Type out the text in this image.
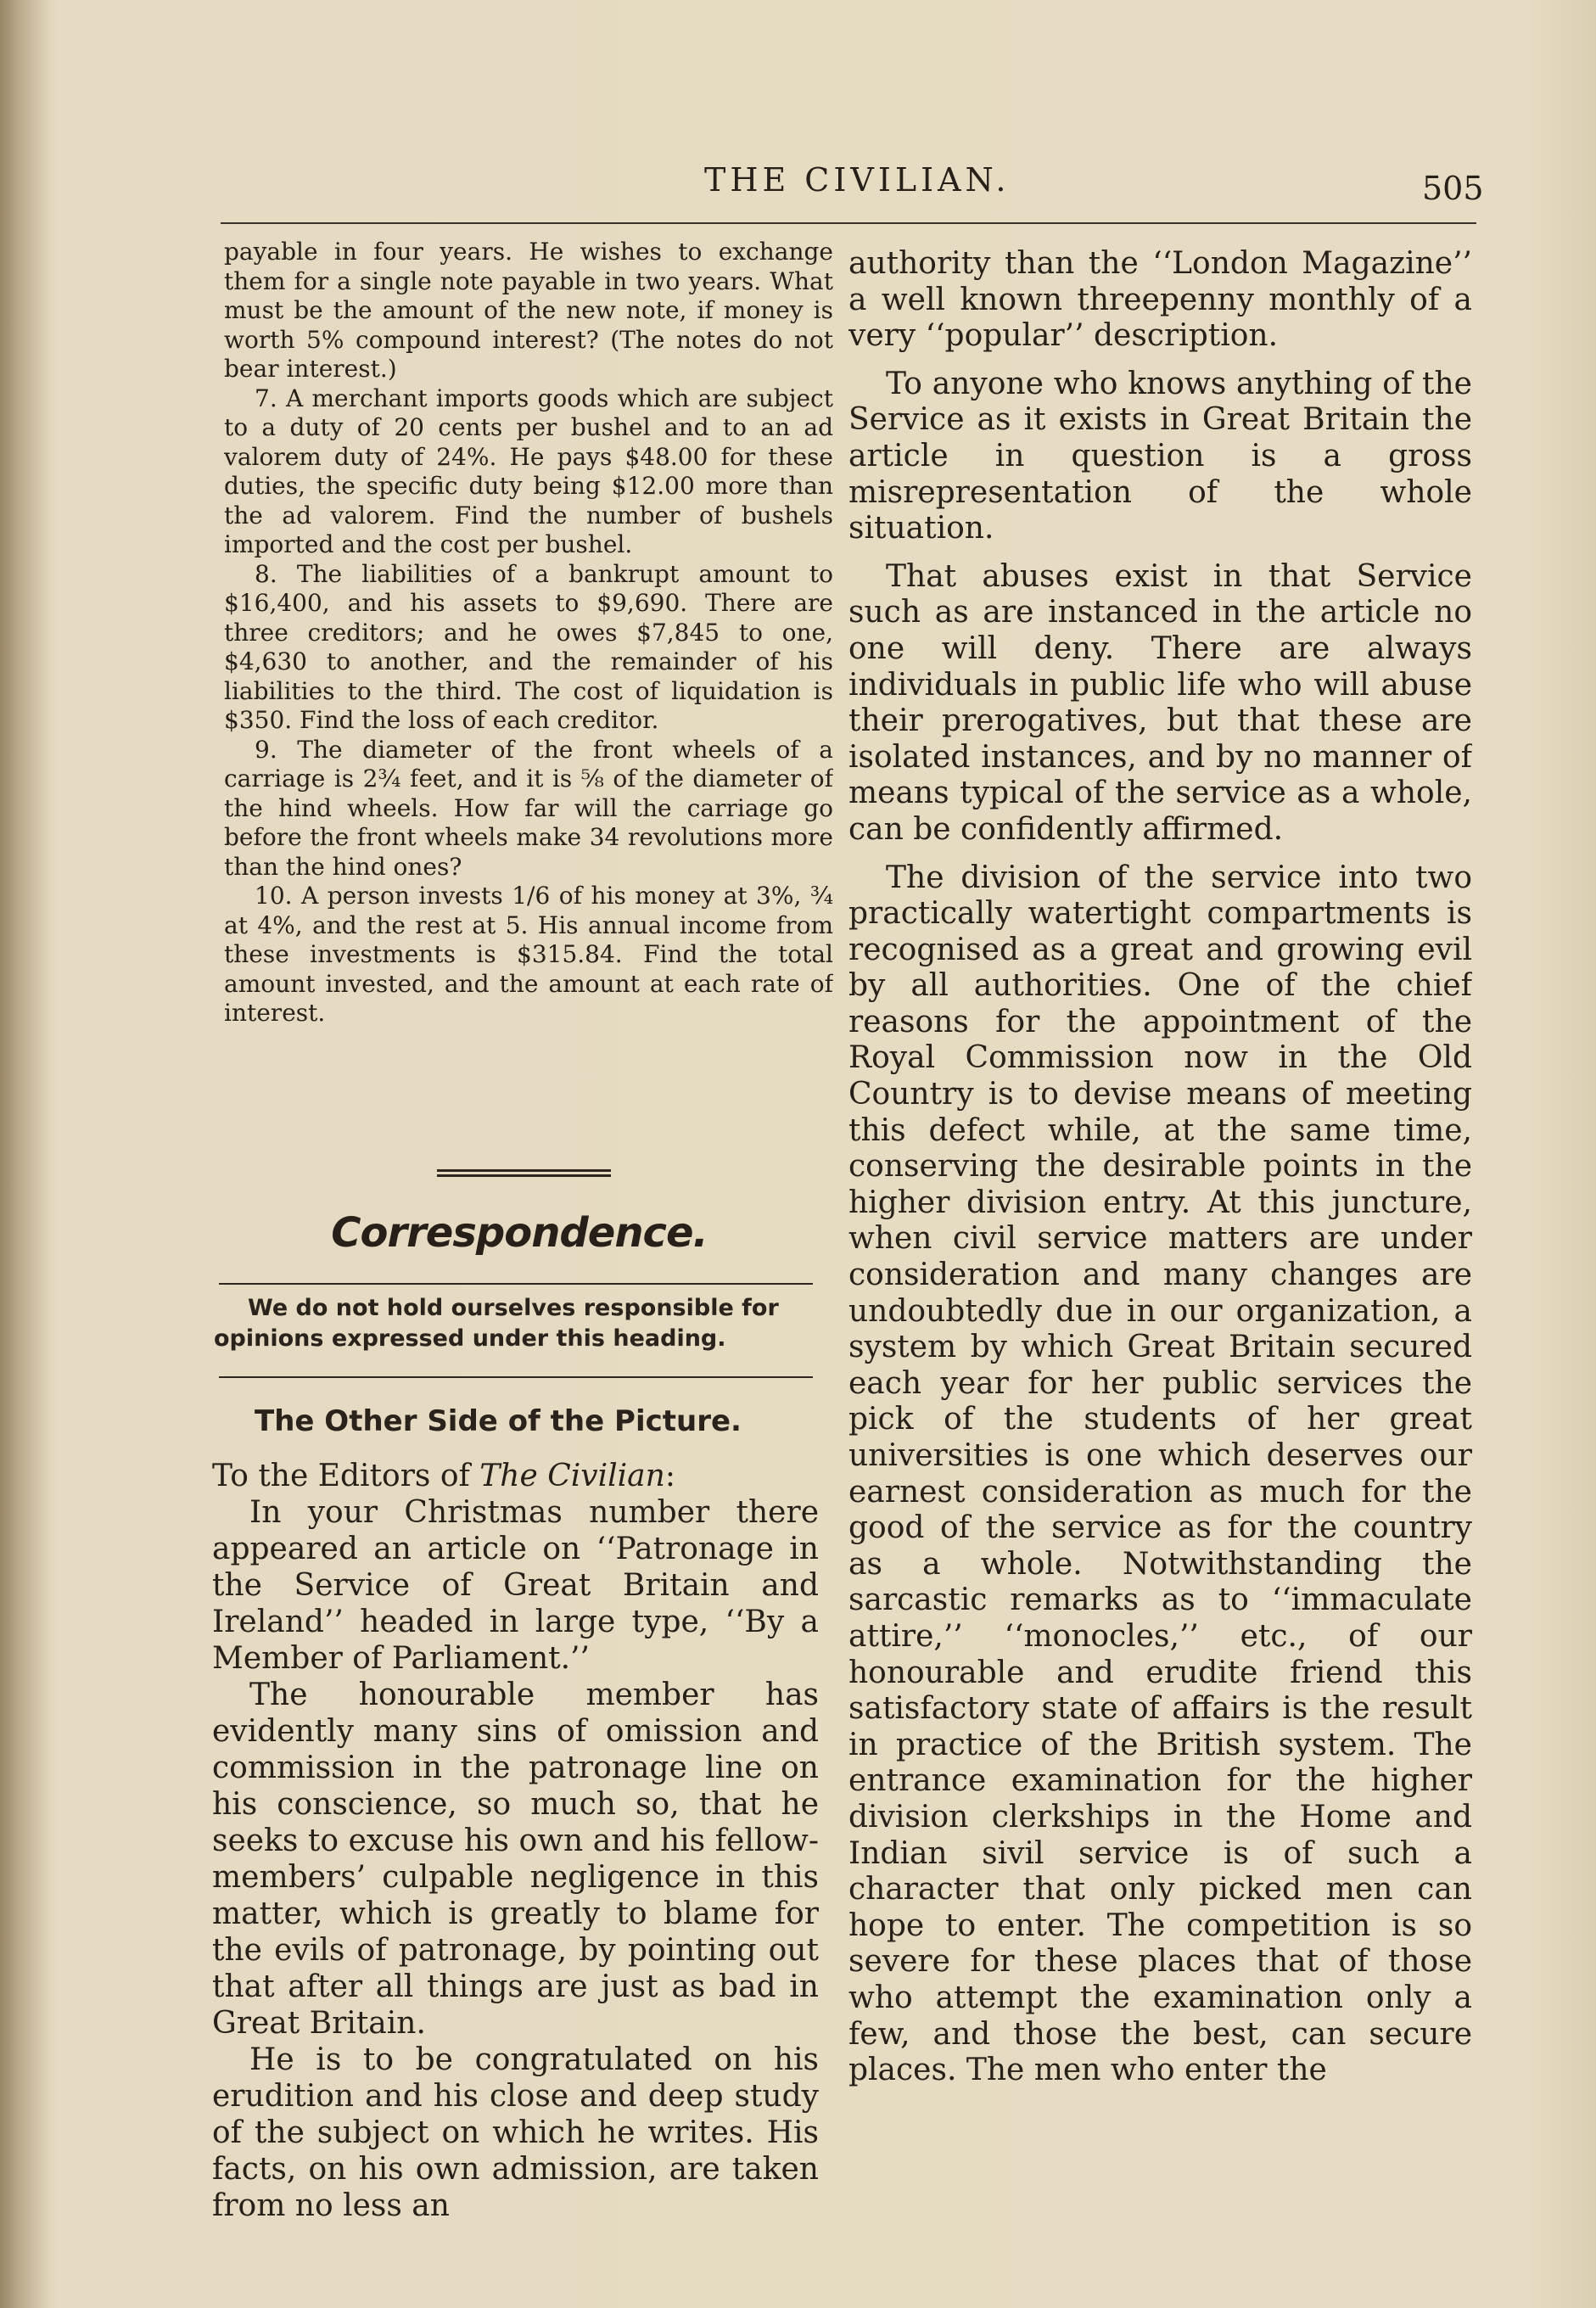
THE CIVILIAN.	505

payable in four years. He wishes to exchange them for a single note payable in two years. What must be the amount of the new note, if money is worth 5% compound interest? (The notes do not bear interest.)

7. A merchant imports goods which are subject to a duty of 20 cents per bushel and to an ad valorem duty of 24%. He pays $48.00 for these duties, the specific duty being $12.00 more than the ad valorem. Find the number of bushels imported and the cost per bushel.

8. The liabilities of a bankrupt amount to $16,400, and his assets to $9,690. There are three creditors; and he owes $7,845 to one, $4,630 to another, and the remainder of his liabilities to the third. The cost of liquidation is $350. Find the loss of each creditor.

9. The diameter of the front wheels of a carriage is 2¾ feet, and it is ⅝ of the diameter of the hind wheels. How far will the carriage go before the front wheels make 34 revolutions more than the hind ones?

10. A person invests 1/6 of his money at 3%, ¾ at 4%, and the rest at 5. His annual income from these investments is $315.84. Find the total amount invested, and the amount at each rate of interest.

Correspondence.
We do not hold ourselves responsible for opinions expressed under this heading.
The Other Side of the Picture.

To the Editors of The Civilian:

In your Christmas number there appeared an article on ‘‘Patronage in the Service of Great Britain and Ireland’’ headed in large type, ‘‘By a Member of Parliament.’’

The honourable member has evidently many sins of omission and commission in the patronage line on his conscience, so much so, that he seeks to excuse his own and his fellow-members’ culpable negligence in this matter, which is greatly to blame for the evils of patronage, by pointing out that after all things are just as bad in Great Britain.

He is to be congratulated on his erudition and his close and deep study of the subject on which he writes. His facts, on his own admission, are taken from no less an

authority than the ‘‘London Magazine’’ a well known threepenny monthly of a very ‘‘popular’’ description.

To anyone who knows anything of the Service as it exists in Great Britain the article in question is a gross misrepresentation of the whole situation.

That abuses exist in that Service such as are instanced in the article no one will deny. There are always individuals in public life who will abuse their prerogatives, but that these are isolated instances, and by no manner of means typical of the service as a whole, can be confidently affirmed.

The division of the service into two practically watertight compartments is recognised as a great and growing evil by all authorities. One of the chief reasons for the appointment of the Royal Commission now in the Old Country is to devise means of meeting this defect while, at the same time, conserving the desirable points in the higher division entry. At this juncture, when civil service matters are under consideration and many changes are undoubtedly due in our organization, a system by which Great Britain secured each year for her public services the pick of the students of her great universities is one which deserves our earnest consideration as much for the good of the service as for the country as a whole. Notwithstanding the sarcastic remarks as to ‘‘immaculate attire,’’ ‘‘monocles,’’ etc., of our honourable and erudite friend this satisfactory state of affairs is the result in practice of the British system. The entrance examination for the higher division clerkships in the Home and Indian sivil service is of such a character that only picked men can hope to enter. The competition is so severe for these places that of those who attempt the examination only a few, and those the best, can secure places. The men who enter the
